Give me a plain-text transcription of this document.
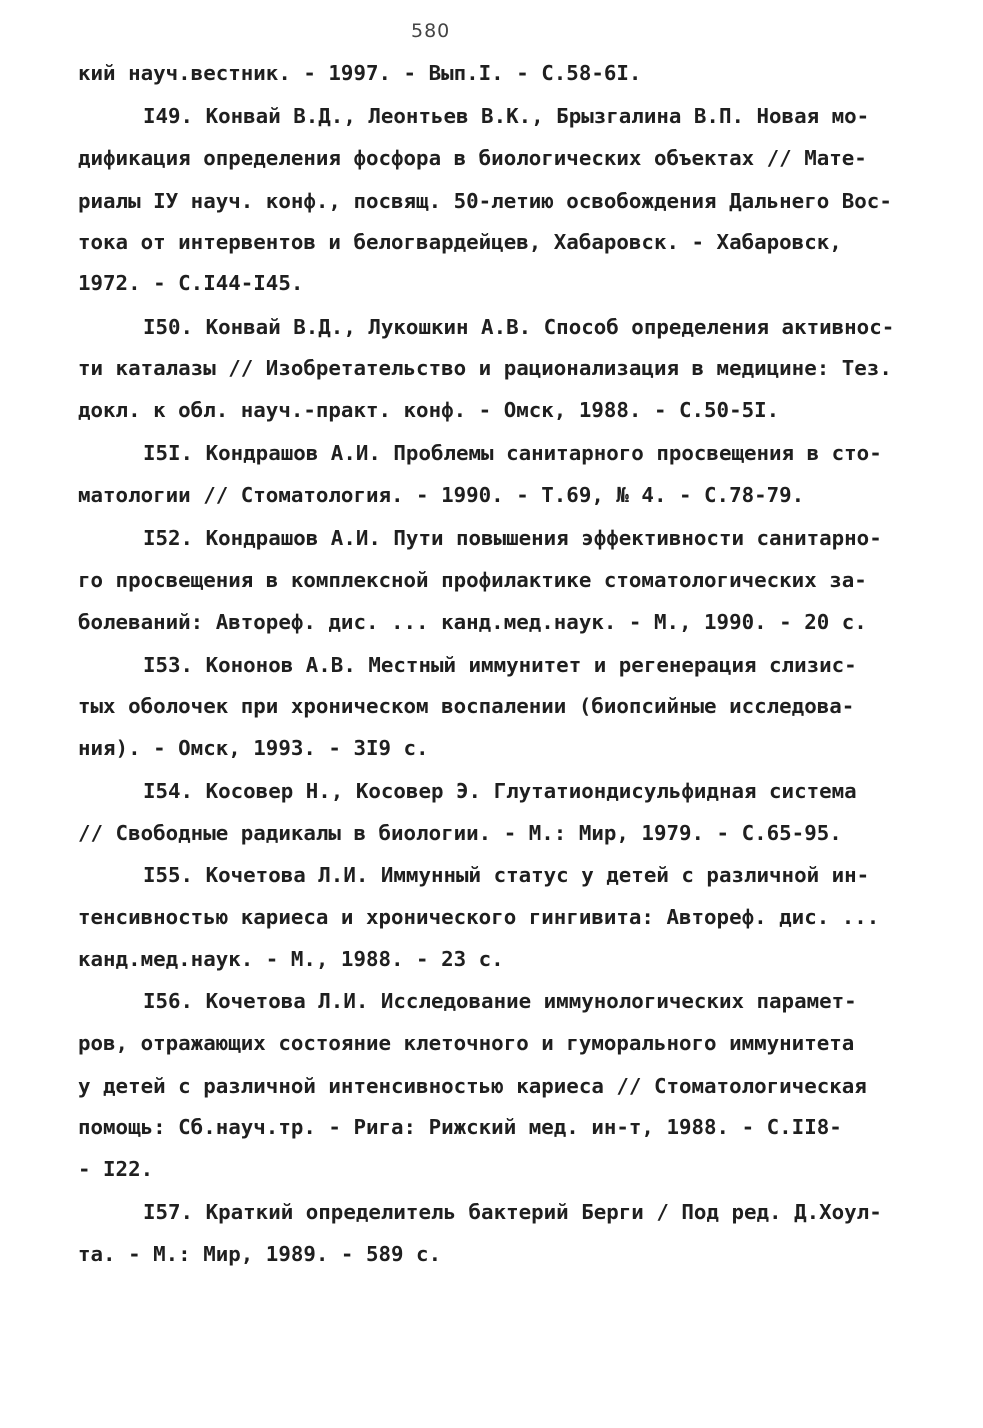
580
кий науч.вестник. - 1997. - Вып.I. - С.58-6I.
I49. Конвай В.Д., Леонтьев В.К., Брызгалина В.П. Новая мо-
дификация определения фосфора в биологических объектах // Мате-
риалы IУ науч. конф., посвящ. 50-летию освобождения Дальнего Вос-
тока от интервентов и белогвардейцев, Хабаровск. - Хабаровск,
1972. - С.I44-I45.
I50. Конвай В.Д., Лукошкин А.В. Способ определения активнос-
ти каталазы // Изобретательство и рационализация в медицине: Тез.
докл. к обл. науч.-практ. конф. - Омск, 1988. - С.50-5I.
I5I. Кондрашов А.И. Проблемы санитарного просвещения в сто-
матологии // Стоматология. - 1990. - Т.69, № 4. - С.78-79.
I52. Кондрашов А.И. Пути повышения эффективности санитарно-
го просвещения в комплексной профилактике стоматологических за-
болеваний: Автореф. дис. ... канд.мед.наук. - М., 1990. - 20 с.
I53. Кононов А.В. Местный иммунитет и регенерация слизис-
тых оболочек при хроническом воспалении (биопсийные исследова-
ния). - Омск, 1993. - 3I9 с.
I54. Косовер Н., Косовер Э. Глутатиондисульфидная система
// Свободные радикалы в биологии. - М.: Мир, 1979. - С.65-95.
I55. Кочетова Л.И. Иммунный статус у детей с различной ин-
тенсивностью кариеса и хронического гингивита: Автореф. дис. ...
канд.мед.наук. - М., 1988. - 23 с.
I56. Кочетова Л.И. Исследование иммунологических парамет-
ров, отражающих состояние клеточного и гуморального иммунитета
у детей с различной интенсивностью кариеса // Стоматологическая
помощь: Сб.науч.тр. - Рига: Рижский мед. ин-т, 1988. - С.II8-
- I22.
I57. Краткий определитель бактерий Берги / Под ред. Д.Хоул-
та. - М.: Мир, 1989. - 589 с.
